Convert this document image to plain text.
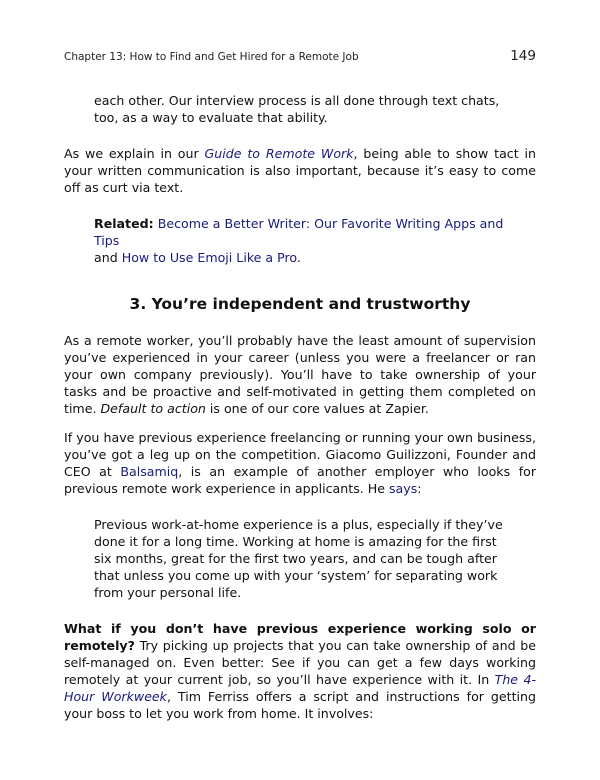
Chapter 13: How to Find and Get Hired for a Remote Job	149

each other. Our interview process is all done through text chats, too, as a way to evaluate that ability.

As we explain in our Guide to Remote Work, being able to show tact in your written communication is also important, because it’s easy to come off as curt via text.

Related: Become a Better Writer: Our Favorite Writing Apps and Tips
and How to Use Emoji Like a Pro.

3. You’re independent and trustworthy

As a remote worker, you’ll probably have the least amount of supervision you’ve experienced in your career (unless you were a freelancer or ran your own company previously). You’ll have to take ownership of your tasks and be proactive and self-motivated in getting them completed on time. Default to action is one of our core values at Zapier.

If you have previous experience freelancing or running your own business, you’ve got a leg up on the competition. Giacomo Guilizzoni, Founder and CEO at Balsamiq, is an example of another employer who looks for previous remote work experience in applicants. He says:

Previous work-at-home experience is a plus, especially if they’ve done it for a long time. Working at home is amazing for the first six months, great for the first two years, and can be tough after that unless you come up with your ‘system’ for separating work from your personal life.

What if you don’t have previous experience working solo or remotely? Try picking up projects that you can take ownership of and be self-managed on. Even better: See if you can get a few days working remotely at your current job, so you’ll have experience with it. In The 4-Hour Workweek, Tim Ferriss offers a script and instructions for getting your boss to let you work from home. It involves:
